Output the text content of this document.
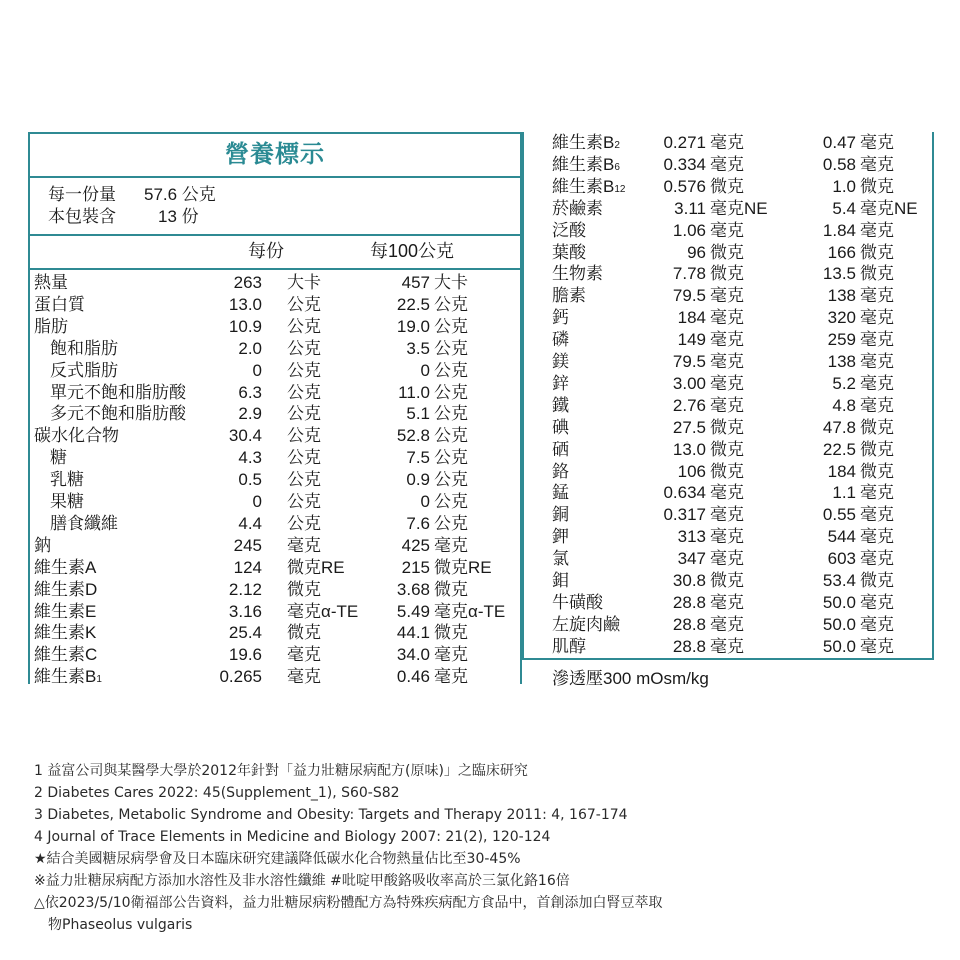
營養標示
每一份量 57.6 公克
本包裝含 13 份
每份	每100公克
熱量	263 大卡	457 大卡
蛋白質	13.0 公克	22.5 公克
脂肪	10.9 公克	19.0 公克
飽和脂肪	2.0 公克	3.5 公克
反式脂肪	0 公克	0 公克
單元不飽和脂肪酸	6.3 公克	11.0 公克
多元不飽和脂肪酸	2.9 公克	5.1 公克
碳水化合物	30.4 公克	52.8 公克
糖	4.3 公克	7.5 公克
乳糖	0.5 公克	0.9 公克
果糖	0 公克	0 公克
膳食纖維	4.4 公克	7.6 公克
鈉	245 毫克	425 毫克
維生素A	124 微克RE	215 微克RE
維生素D	2.12 微克	3.68 微克
維生素E	3.16 毫克α-TE	5.49 毫克α-TE
維生素K	25.4 微克	44.1 微克
維生素C	19.6 毫克	34.0 毫克
維生素B1	0.265 毫克	0.46 毫克
維生素B2	0.271 毫克	0.47 毫克
維生素B6	0.334 毫克	0.58 毫克
維生素B12	0.576 微克	1.0 微克
菸鹼素	3.11 毫克NE	5.4 毫克NE
泛酸	1.06 毫克	1.84 毫克
葉酸	96 微克	166 微克
生物素	7.78 微克	13.5 微克
膽素	79.5 毫克	138 毫克
鈣	184 毫克	320 毫克
磷	149 毫克	259 毫克
鎂	79.5 毫克	138 毫克
鋅	3.00 毫克	5.2 毫克
鐵	2.76 毫克	4.8 毫克
碘	27.5 微克	47.8 微克
硒	13.0 微克	22.5 微克
鉻	106 微克	184 微克
錳	0.634 毫克	1.1 毫克
銅	0.317 毫克	0.55 毫克
鉀	313 毫克	544 毫克
氯	347 毫克	603 毫克
鉬	30.8 微克	53.4 微克
牛磺酸	28.8 毫克	50.0 毫克
左旋肉鹼	28.8 毫克	50.0 毫克
肌醇	28.8 毫克	50.0 毫克
滲透壓300 mOsm/kg
1 益富公司與某醫學大學於2012年針對「益力壯糖尿病配方(原味)」之臨床研究
2 Diabetes Cares 2022: 45(Supplement_1), S60-S82
3 Diabetes, Metabolic Syndrome and Obesity: Targets and Therapy 2011: 4, 167-174
4 Journal of Trace Elements in Medicine and Biology 2007: 21(2), 120-124
★結合美國糖尿病學會及日本臨床研究建議降低碳水化合物熱量佔比至30-45%
※益力壯糖尿病配方添加水溶性及非水溶性纖維 #吡啶甲酸鉻吸收率高於三氯化鉻16倍
△依2023/5/10衛福部公告資料，益力壯糖尿病粉體配方為特殊疾病配方食品中，首創添加白腎豆萃取
　物Phaseolus vulgaris
